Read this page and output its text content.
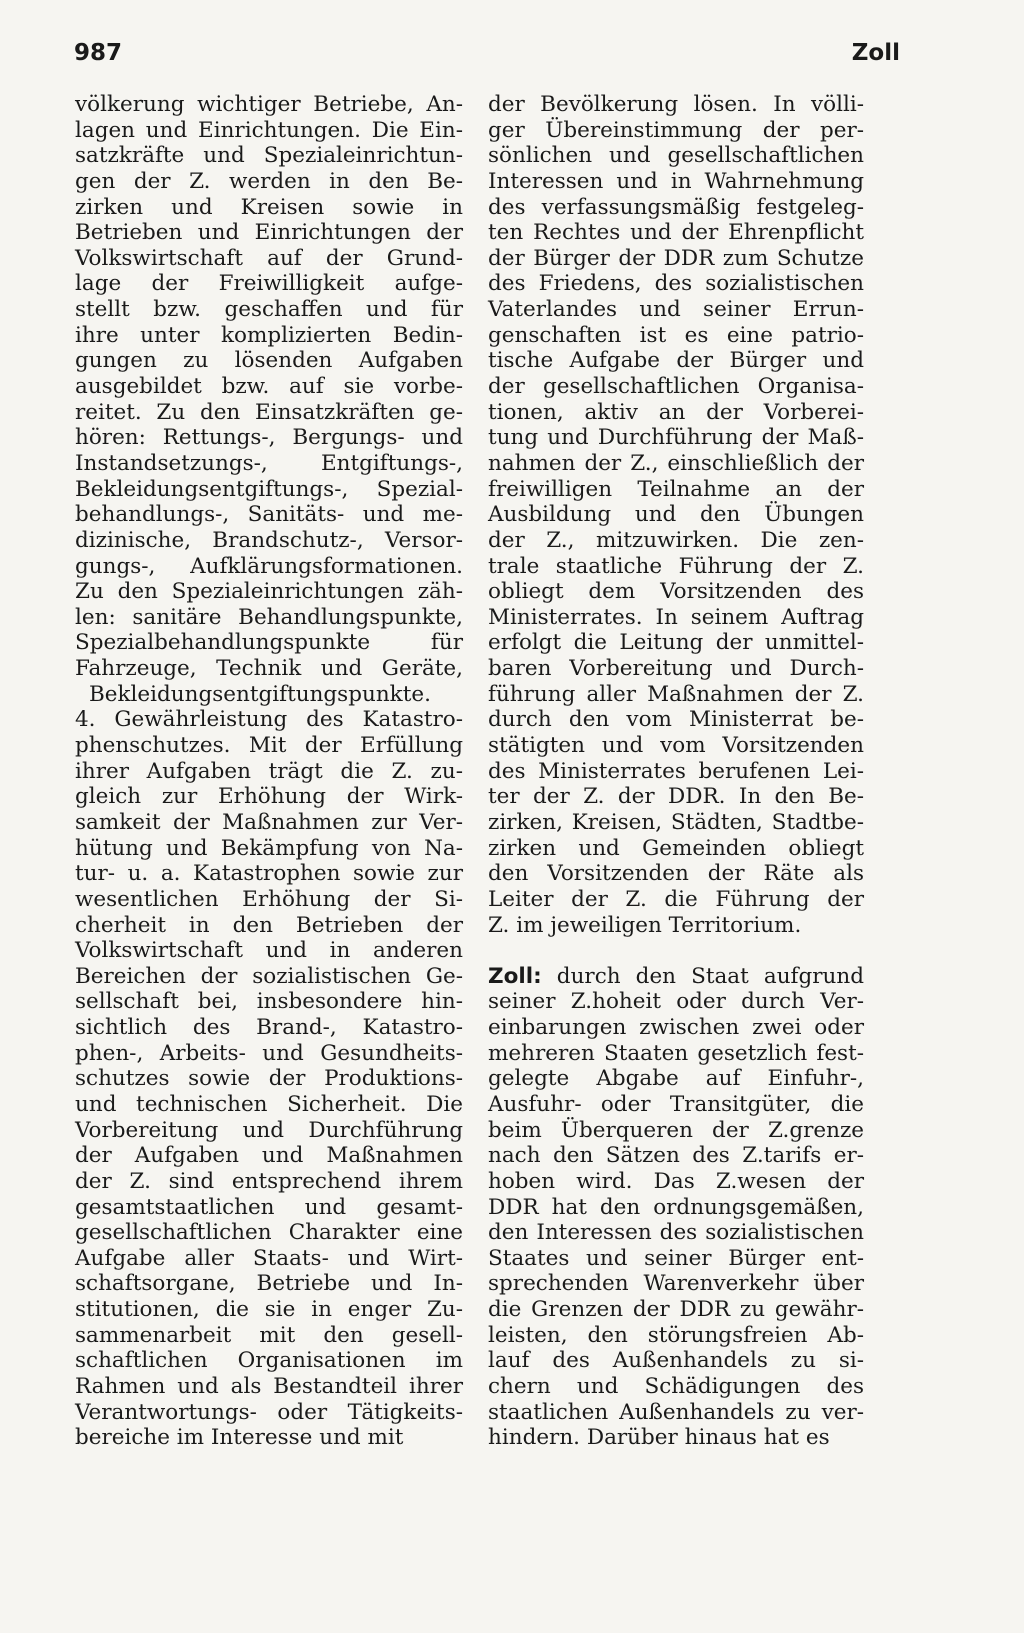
987	Zoll
völkerung wichtiger Betriebe, An-
lagen und Einrichtungen. Die Ein-
satzkräfte und Spezialeinrichtun-
gen der Z. werden in den Be-
zirken und Kreisen sowie in
Betrieben und Einrichtungen der
Volkswirtschaft auf der Grund-
lage der Freiwilligkeit aufge-
stellt bzw. geschaffen und für
ihre unter komplizierten Bedin-
gungen zu lösenden Aufgaben
ausgebildet bzw. auf sie vorbe-
reitet. Zu den Einsatzkräften ge-
hören: Rettungs-, Bergungs- und
Instandsetzungs-, Entgiftungs-,
Bekleidungsentgiftungs-, Spezial-
behandlungs-, Sanitäts- und me-
dizinische, Brandschutz-, Versor-
gungs-, Aufklärungsformationen.
Zu den Spezialeinrichtungen zäh-
len: sanitäre Behandlungspunkte,
Spezialbehandlungspunkte für
Fahrzeuge, Technik und Geräte,
Bekleidungsentgiftungspunkte.
4. Gewährleistung des Katastro-
phenschutzes. Mit der Erfüllung
ihrer Aufgaben trägt die Z. zu-
gleich zur Erhöhung der Wirk-
samkeit der Maßnahmen zur Ver-
hütung und Bekämpfung von Na-
tur- u. a. Katastrophen sowie zur
wesentlichen Erhöhung der Si-
cherheit in den Betrieben der
Volkswirtschaft und in anderen
Bereichen der sozialistischen Ge-
sellschaft bei, insbesondere hin-
sichtlich des Brand-, Katastro-
phen-, Arbeits- und Gesundheits-
schutzes sowie der Produktions-
und technischen Sicherheit. Die
Vorbereitung und Durchführung
der Aufgaben und Maßnahmen
der Z. sind entsprechend ihrem
gesamtstaatlichen und gesamt-
gesellschaftlichen Charakter eine
Aufgabe aller Staats- und Wirt-
schaftsorgane, Betriebe und In-
stitutionen, die sie in enger Zu-
sammenarbeit mit den gesell-
schaftlichen Organisationen im
Rahmen und als Bestandteil ihrer
Verantwortungs- oder Tätigkeits-
bereiche im Interesse und mit
der Bevölkerung lösen. In völli-
ger Übereinstimmung der per-
sönlichen und gesellschaftlichen
Interessen und in Wahrnehmung
des verfassungsmäßig festgeleg-
ten Rechtes und der Ehrenpflicht
der Bürger der DDR zum Schutze
des Friedens, des sozialistischen
Vaterlandes und seiner Errun-
genschaften ist es eine patrio-
tische Aufgabe der Bürger und
der gesellschaftlichen Organisa-
tionen, aktiv an der Vorberei-
tung und Durchführung der Maß-
nahmen der Z., einschließlich der
freiwilligen Teilnahme an der
Ausbildung und den Übungen
der Z., mitzuwirken. Die zen-
trale staatliche Führung der Z.
obliegt dem Vorsitzenden des
Ministerrates. In seinem Auftrag
erfolgt die Leitung der unmittel-
baren Vorbereitung und Durch-
führung aller Maßnahmen der Z.
durch den vom Ministerrat be-
stätigten und vom Vorsitzenden
des Ministerrates berufenen Lei-
ter der Z. der DDR. In den Be-
zirken, Kreisen, Städten, Stadtbe-
zirken und Gemeinden obliegt
den Vorsitzenden der Räte als
Leiter der Z. die Führung der
Z. im jeweiligen Territorium.
Zoll: durch den Staat aufgrund
seiner Z.hoheit oder durch Ver-
einbarungen zwischen zwei oder
mehreren Staaten gesetzlich fest-
gelegte Abgabe auf Einfuhr-,
Ausfuhr- oder Transitgüter, die
beim Überqueren der Z.grenze
nach den Sätzen des Z.tarifs er-
hoben wird. Das Z.wesen der
DDR hat den ordnungsgemäßen,
den Interessen des sozialistischen
Staates und seiner Bürger ent-
sprechenden Warenverkehr über
die Grenzen der DDR zu gewähr-
leisten, den störungsfreien Ab-
lauf des Außenhandels zu si-
chern und Schädigungen des
staatlichen Außenhandels zu ver-
hindern. Darüber hinaus hat es
